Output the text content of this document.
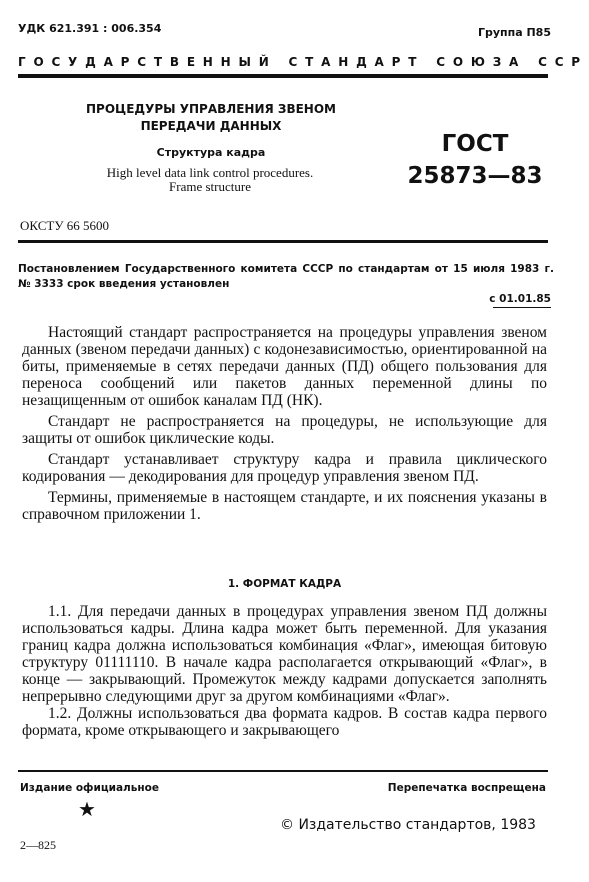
УДК 621.391 : 006.354	Группа П85
ГОСУДАРСТВЕННЫЙ СТАНДАРТ СОЮЗА ССР
ПРОЦЕДУРЫ УПРАВЛЕНИЯ ЗВЕНОМ
ПЕРЕДАЧИ ДАННЫХ
Структура кадра
High level data link control procedures.
Frame structure
ГОСТ
25873—83
ОКСТУ 66 5600
Постановлением Государственного комитета СССР по стандартам от 15 июля 1983 г. № 3333 срок введения установлен
с 01.01.85

Настоящий стандарт распространяется на процедуры управления звеном данных (звеном передачи данных) с кодонезависимостью, ориентированной на биты, применяемые в сетях передачи данных (ПД) общего пользования для переноса сообщений или пакетов данных переменной длины по незащищенным от ошибок каналам ПД (НК).

Стандарт не распространяется на процедуры, не использующие для защиты от ошибок циклические коды.

Стандарт устанавливает структуру кадра и правила циклического кодирования — декодирования для процедур управления звеном ПД.

Термины, применяемые в настоящем стандарте, и их пояснения указаны в справочном приложении 1.

1. ФОРМАТ КАДРА

1.1. Для передачи данных в процедурах управления звеном ПД должны использоваться кадры. Длина кадра может быть переменной. Для указания границ кадра должна использоваться комбинация «Флаг», имеющая битовую структуру 01111110. В начале кадра располагается открывающий «Флаг», в конце — закрывающий. Промежуток между кадрами допускается заполнять непрерывно следующими друг за другом комбинациями «Флаг».

1.2. Должны использоваться два формата кадров. В состав кадра первого формата, кроме открывающего и закрывающего

Издание официальное	Перепечатка воспрещена
★
© Издательство стандартов, 1983
2—825
